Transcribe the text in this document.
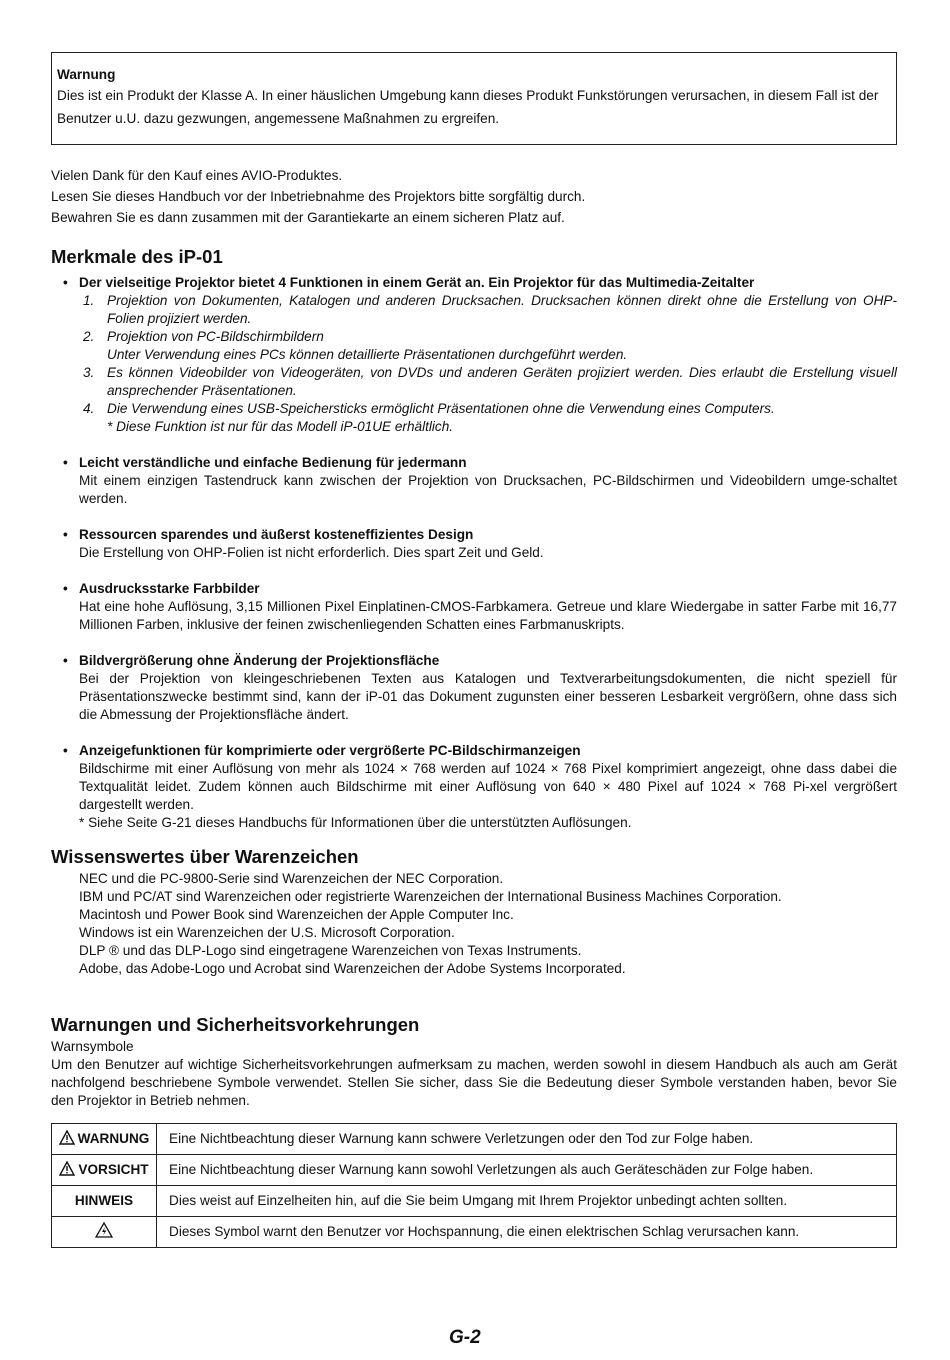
Warnung
Dies ist ein Produkt der Klasse A. In einer häuslichen Umgebung kann dieses Produkt Funkstörungen verursachen, in diesem Fall ist der Benutzer u.U. dazu gezwungen, angemessene Maßnahmen zu ergreifen.

Vielen Dank für den Kauf eines AVIO-Produktes.

Lesen Sie dieses Handbuch vor der Inbetriebnahme des Projektors bitte sorgfältig durch.

Bewahren Sie es dann zusammen mit der Garantiekarte an einem sicheren Platz auf.

Merkmale des iP-01
• Der vielseitige Projektor bietet 4 Funktionen in einem Gerät an. Ein Projektor für das Multimedia-Zeitalter
1. Projektion von Dokumenten, Katalogen und anderen Drucksachen. Drucksachen können direkt ohne die Erstellung von OHP-Folien projiziert werden.
2. Projektion von PC-Bildschirmbildern
Unter Verwendung eines PCs können detaillierte Präsentationen durchgeführt werden.
3. Es können Videobilder von Videogeräten, von DVDs und anderen Geräten projiziert werden. Dies erlaubt die Erstellung visuell ansprechender Präsentationen.
4. Die Verwendung eines USB-Speichersticks ermöglicht Präsentationen ohne die Verwendung eines Computers.
* Diese Funktion ist nur für das Modell iP-01UE erhältlich.
• Leicht verständliche und einfache Bedienung für jedermann
Mit einem einzigen Tastendruck kann zwischen der Projektion von Drucksachen, PC-Bildschirmen und Videobildern umge-schaltet werden.
• Ressourcen sparendes und äußerst kosteneffizientes Design
Die Erstellung von OHP-Folien ist nicht erforderlich. Dies spart Zeit und Geld.
• Ausdrucksstarke Farbbilder
Hat eine hohe Auflösung, 3,15 Millionen Pixel Einplatinen-CMOS-Farbkamera. Getreue und klare Wiedergabe in satter Farbe mit 16,77 Millionen Farben, inklusive der feinen zwischenliegenden Schatten eines Farbmanuskripts.
• Bildvergrößerung ohne Änderung der Projektionsfläche
Bei der Projektion von kleingeschriebenen Texten aus Katalogen und Textverarbeitungsdokumenten, die nicht speziell für Präsentationszwecke bestimmt sind, kann der iP-01 das Dokument zugunsten einer besseren Lesbarkeit vergrößern, ohne dass sich die Abmessung der Projektionsfläche ändert.
• Anzeigefunktionen für komprimierte oder vergrößerte PC-Bildschirmanzeigen
Bildschirme mit einer Auflösung von mehr als 1024 × 768 werden auf 1024 × 768 Pixel komprimiert angezeigt, ohne dass dabei die Textqualität leidet. Zudem können auch Bildschirme mit einer Auflösung von 640 × 480 Pixel auf 1024 × 768 Pi-xel vergrößert dargestellt werden.
* Siehe Seite G-21 dieses Handbuchs für Informationen über die unterstützten Auflösungen.
Wissenswertes über Warenzeichen

NEC und die PC-9800-Serie sind Warenzeichen der NEC Corporation.

IBM und PC/AT sind Warenzeichen oder registrierte Warenzeichen der International Business Machines Corporation.

Macintosh und Power Book sind Warenzeichen der Apple Computer Inc.

Windows ist ein Warenzeichen der U.S. Microsoft Corporation.

DLP ® und das DLP-Logo sind eingetragene Warenzeichen von Texas Instruments.

Adobe, das Adobe-Logo und Acrobat sind Warenzeichen der Adobe Systems Incorporated.

Warnungen und Sicherheitsvorkehrungen

Warnsymbole

Um den Benutzer auf wichtige Sicherheitsvorkehrungen aufmerksam zu machen, werden sowohl in diesem Handbuch als auch am Gerät nachfolgend beschriebene Symbole verwendet. Stellen Sie sicher, dass Sie die Bedeutung dieser Symbole verstanden haben, bevor Sie den Projektor in Betrieb nehmen.

WARNUNG	Eine Nichtbeachtung dieser Warnung kann schwere Verletzungen oder den Tod zur Folge haben.
VORSICHT	Eine Nichtbeachtung dieser Warnung kann sowohl Verletzungen als auch Geräteschäden zur Folge haben.
HINWEIS	Dies weist auf Einzelheiten hin, auf die Sie beim Umgang mit Ihrem Projektor unbedingt achten sollten.
	Dieses Symbol warnt den Benutzer vor Hochspannung, die einen elektrischen Schlag verursachen kann.
G-2
